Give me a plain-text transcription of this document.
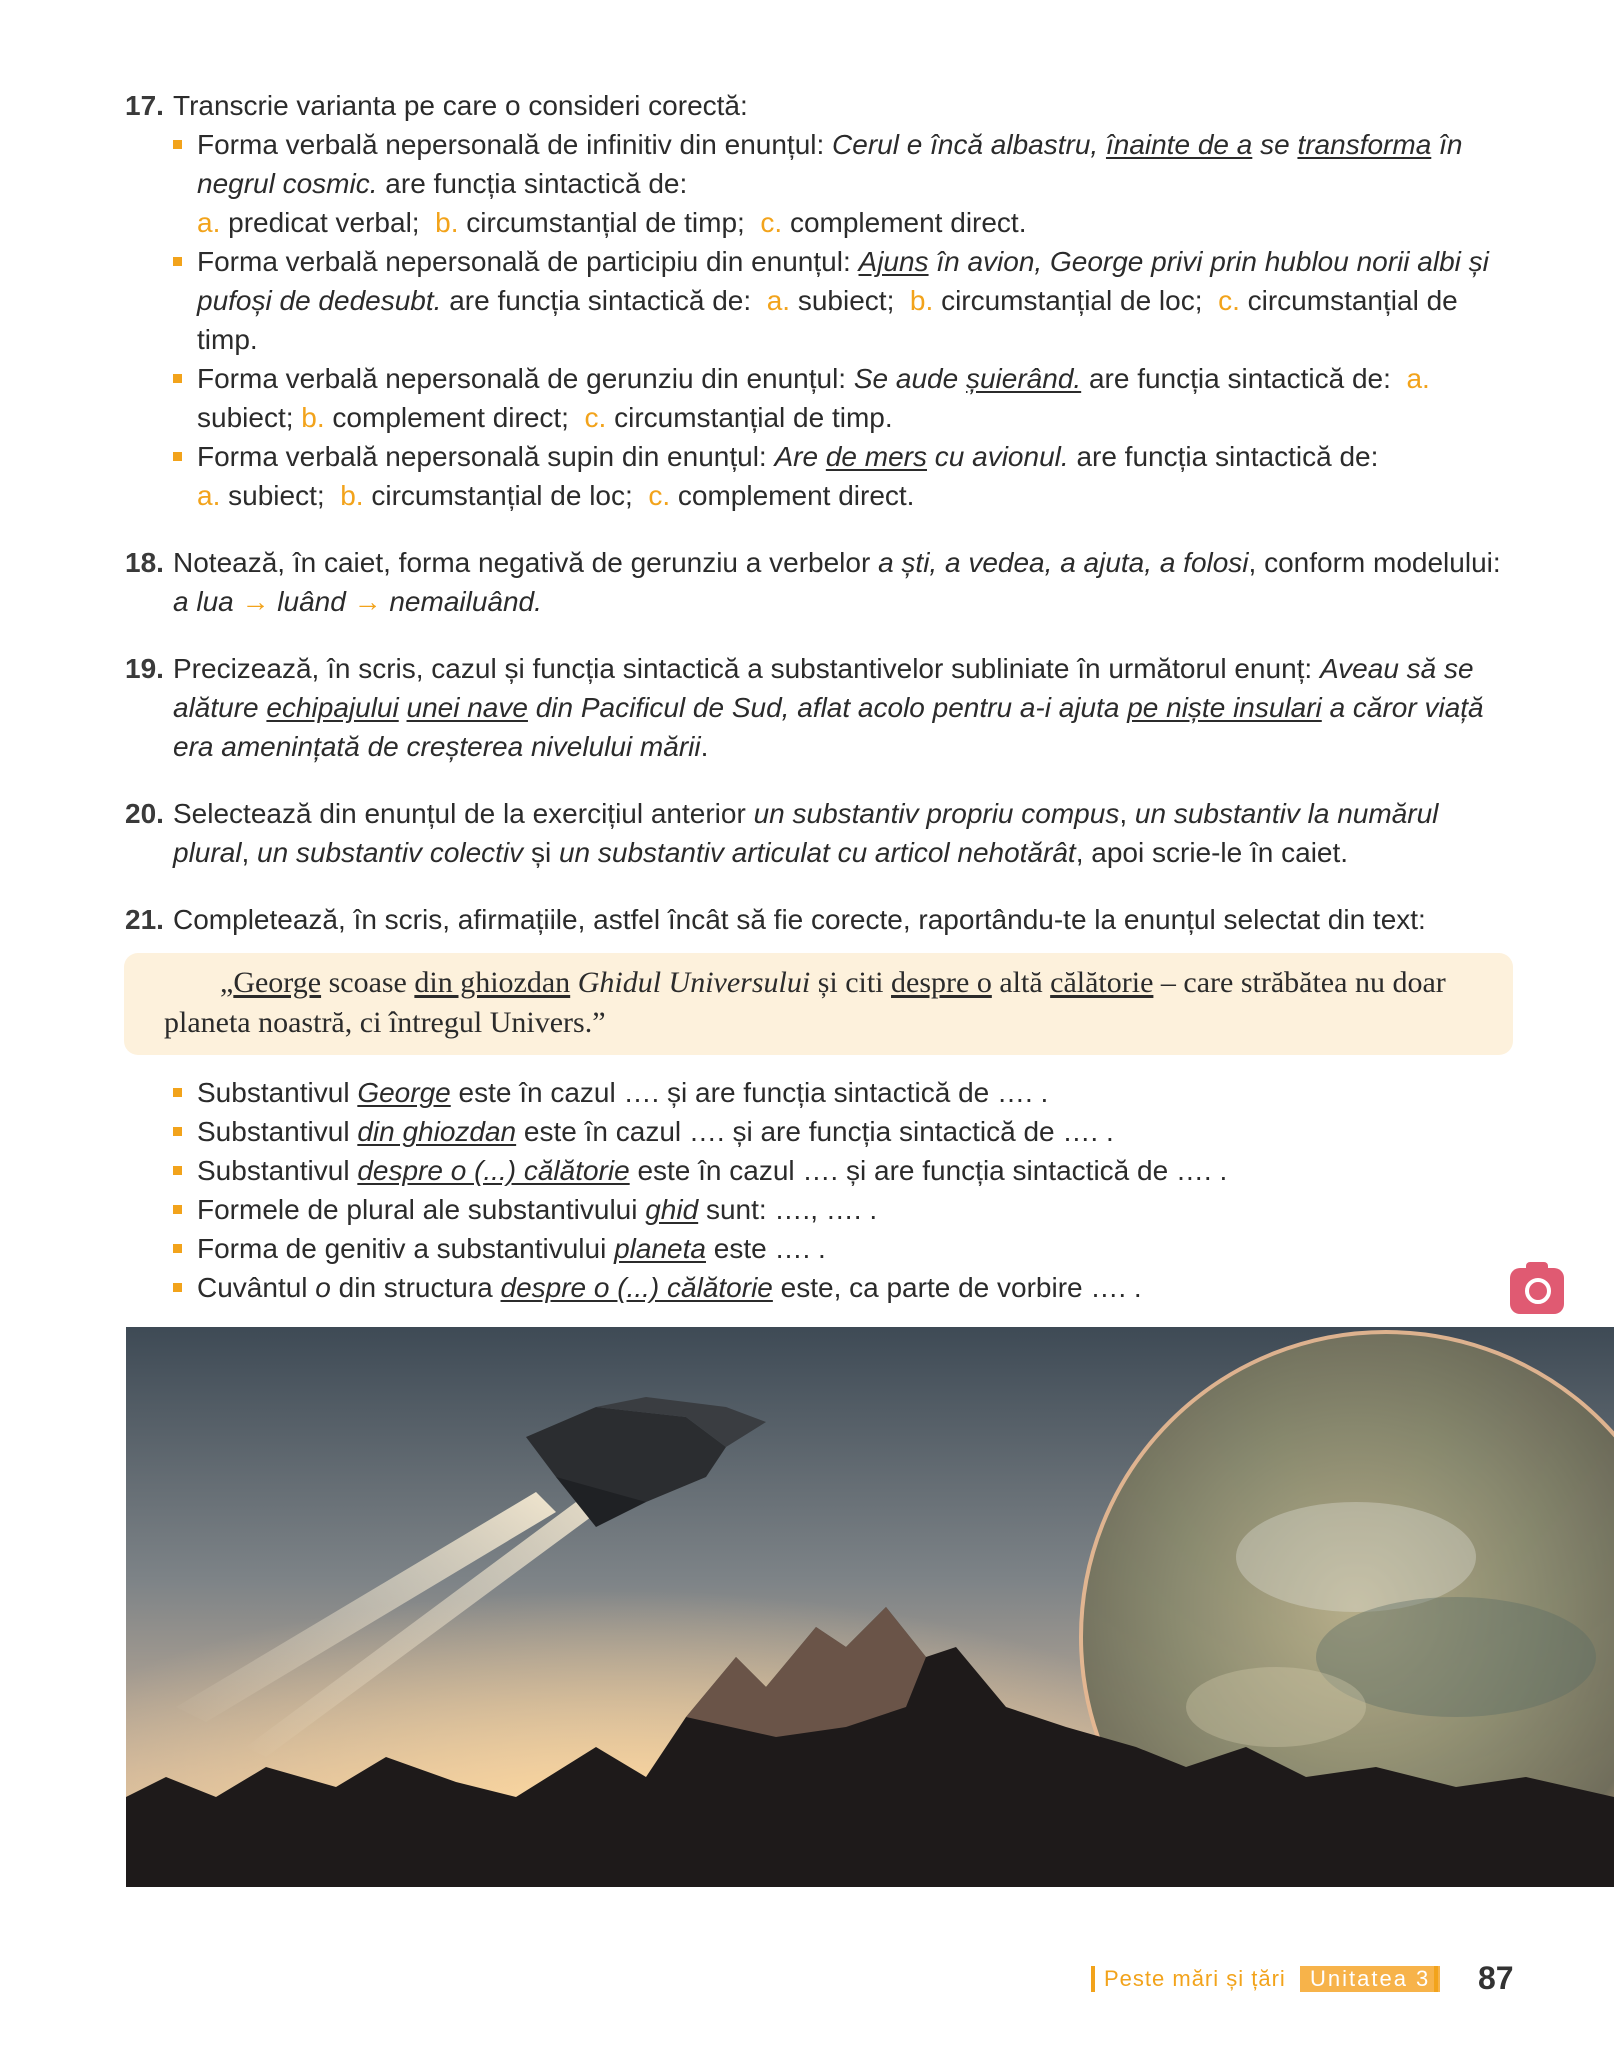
17. Transcrie varianta pe care o consideri corectă:
Forma verbală nepersonală de infinitiv din enunțul: Cerul e încă albastru, înainte de a se transforma în negrul cosmic. are funcția sintactică de:
a. predicat verbal; b. circumstanțial de timp; c. complement direct.
Forma verbală nepersonală de participiu din enunțul: Ajuns în avion, George privi prin hublou norii albi și pufoși de dedesubt. are funcția sintactică de: a. subiect; b. circumstanțial de loc; c. circumstanțial de timp.
Forma verbală nepersonală de gerunziu din enunțul: Se aude șuierând. are funcția sintactică de: a. subiect; b. complement direct; c. circumstanțial de timp.
Forma verbală nepersonală supin din enunțul: Are de mers cu avionul. are funcția sintactică de:
a. subiect; b. circumstanțial de loc; c. complement direct.
18. Notează, în caiet, forma negativă de gerunziu a verbelor a ști, a vedea, a ajuta, a folosi, conform modelului:
a lua → luând → nemailuând.
19. Precizează, în scris, cazul și funcția sintactică a substantivelor subliniate în următorul enunț: Aveau să se alăture echipajului unei nave din Pacificul de Sud, aflat acolo pentru a-i ajuta pe niște insulari a căror viață era amenințată de creșterea nivelului mării.
20. Selectează din enunțul de la exercițiul anterior un substantiv propriu compus, un substantiv la numărul plural, un substantiv colectiv și un substantiv articulat cu articol nehotărât, apoi scrie-le în caiet.
21. Completează, în scris, afirmațiile, astfel încât să fie corecte, raportându-te la enunțul selectat din text:
„George scoase din ghiozdan Ghidul Universului și citi despre o altă călătorie – care străbătea nu doar planeta noastră, ci întregul Univers.”
Substantivul George este în cazul …. și are funcția sintactică de …. .
Substantivul din ghiozdan este în cazul …. și are funcția sintactică de …. .
Substantivul despre o (...) călătorie este în cazul …. și are funcția sintactică de …. .
Formele de plural ale substantivului ghid sunt: …., …. .
Forma de genitiv a substantivului planeta este …. .
Cuvântul o din structura despre o (...) călătorie este, ca parte de vorbire …. .
Peste mări și țări	Unitatea 3	87
